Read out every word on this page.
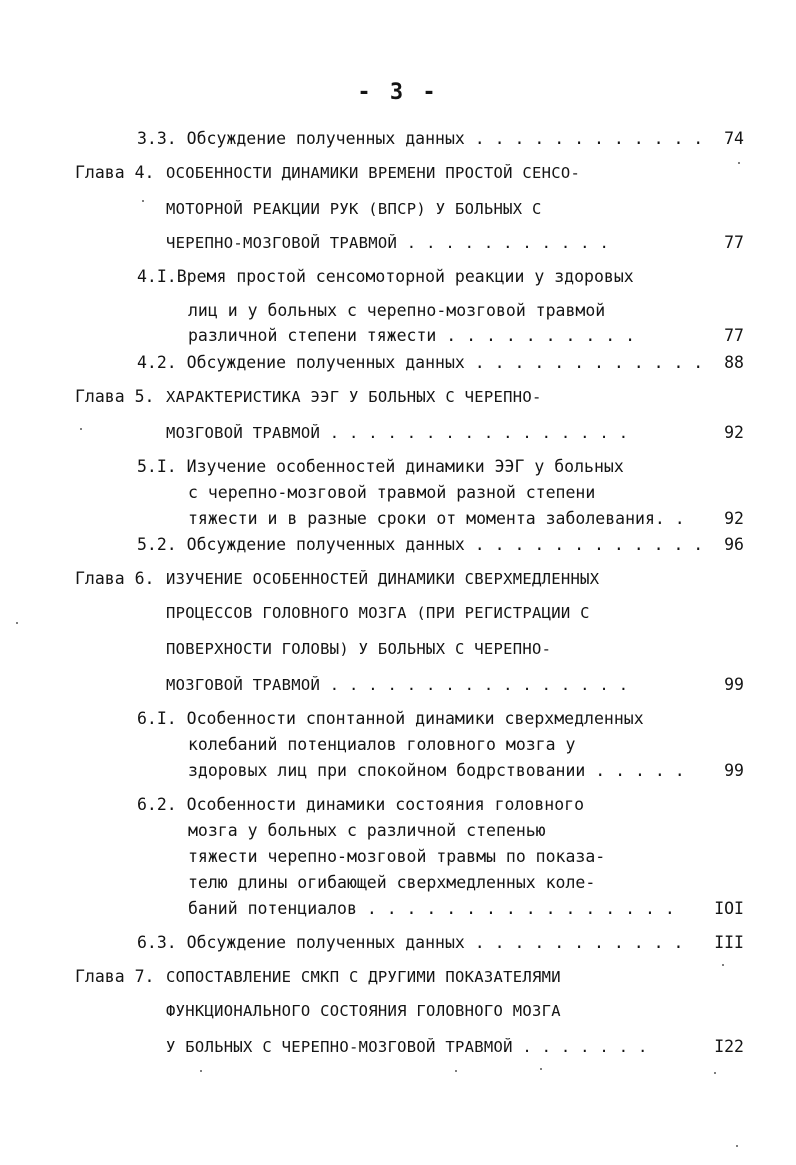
- 3 -
3.3. Обсуждение полученных данных . . . . . . . . . . . . 74
Глава 4. ОСОБЕННОСТИ ДИНАМИКИ ВРЕМЕНИ ПРОСТОЙ СЕНСО-
МОТОРНОЙ РЕАКЦИИ РУК (ВПСР) У БОЛЬНЫХ С
ЧЕРЕПНО-МОЗГОВОЙ ТРАВМОЙ . . . . . . . . . . .	77
4.I.Время простой сенсомоторной реакции у здоровых
лиц и у больных с черепно-мозговой травмой
различной степени тяжести . . . . . . . . . .	77
4.2. Обсуждение полученных данных . . . . . . . . . . . . 88
Глава 5. ХАРАКТЕРИСТИКА ЭЭГ У БОЛЬНЫХ С ЧЕРЕПНО-
МОЗГОВОЙ ТРАВМОЙ . . . . . . . . . . . . . . . .	92
5.I. Изучение особенностей динамики ЭЭГ у больных
с черепно-мозговой травмой разной степени
тяжести и в разные сроки от момента заболевания. . 92
5.2. Обсуждение полученных данных . . . . . . . . . . . . 96
Глава 6. ИЗУЧЕНИЕ ОСОБЕННОСТЕЙ ДИНАМИКИ СВЕРХМЕДЛЕННЫХ
ПРОЦЕССОВ ГОЛОВНОГО МОЗГА (ПРИ РЕГИСТРАЦИИ С
ПОВЕРХНОСТИ ГОЛОВЫ) У БОЛЬНЫХ С ЧЕРЕПНО-
МОЗГОВОЙ ТРАВМОЙ . . . . . . . . . . . . . . . .	99
6.I. Особенности спонтанной динамики сверхмедленных
колебаний потенциалов головного мозга у
здоровых лиц при спокойном бодрствовании . . . . . 99
6.2. Особенности динамики состояния головного
мозга у больных с различной степенью
тяжести черепно-мозговой травмы по показа-
телю длины огибающей сверхмедленных коле-
баний потенциалов . . . . . . . . . . . . . . . . IOI
6.3. Обсуждение полученных данных . . . . . . . . . . . III
Глава 7. СОПОСТАВЛЕНИЕ СМКП С ДРУГИМИ ПОКАЗАТЕЛЯМИ
ФУНКЦИОНАЛЬНОГО СОСТОЯНИЯ ГОЛОВНОГО МОЗГА
У БОЛЬНЫХ С ЧЕРЕПНО-МОЗГОВОЙ ТРАВМОЙ . . . . . . .	I22
